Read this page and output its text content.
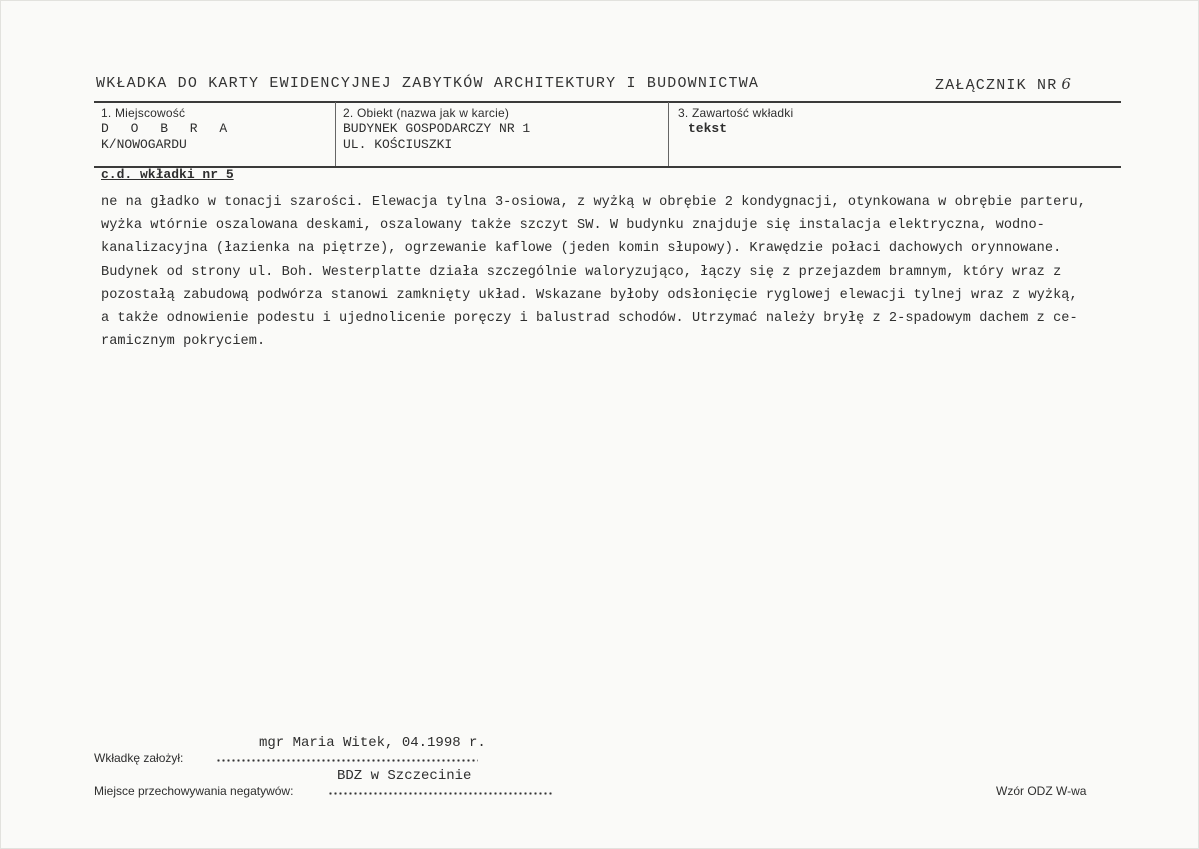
WKŁADKA DO KARTY EWIDENCYJNEJ ZABYTKÓW ARCHITEKTURY I BUDOWNICTWA	ZAŁĄCZNIK NR 6
1. Miejscowość
D O B R A
K/NOWOGARDU
2. Obiekt (nazwa jak w karcie)
BUDYNEK GOSPODARCZY NR 1
UL. KOŚCIUSZKI
3. Zawartość wkładki
tekst
c.d. wkładki nr 5
ne na gładko w tonacji szarości. Elewacja tylna 3-osiowa, z wyżką w obrębie 2 kondygnacji, otynkowana w obrębie parteru,
wyżka wtórnie oszalowana deskami, oszalowany także szczyt SW. W budynku znajduje się instalacja elektryczna, wodno-
kanalizacyjna (łazienka na piętrze), ogrzewanie kaflowe (jeden komin słupowy). Krawędzie połaci dachowych orynnowane.
Budynek od strony ul. Boh. Westerplatte działa szczególnie waloryzująco, łączy się z przejazdem bramnym, który wraz z
pozostałą zabudową podwórza stanowi zamknięty układ. Wskazane byłoby odsłonięcie ryglowej elewacji tylnej wraz z wyżką,
a także odnowienie podestu i ujednolicenie poręczy i balustrad schodów. Utrzymać należy bryłę z 2-spadowym dachem z ce-
ramicznym pokryciem.
mgr Maria Witek, 04.1998 r.
Wkładkę założył:
BDZ w Szczecinie
Miejsce przechowywania negatywów:	Wzór ODZ W-wa
